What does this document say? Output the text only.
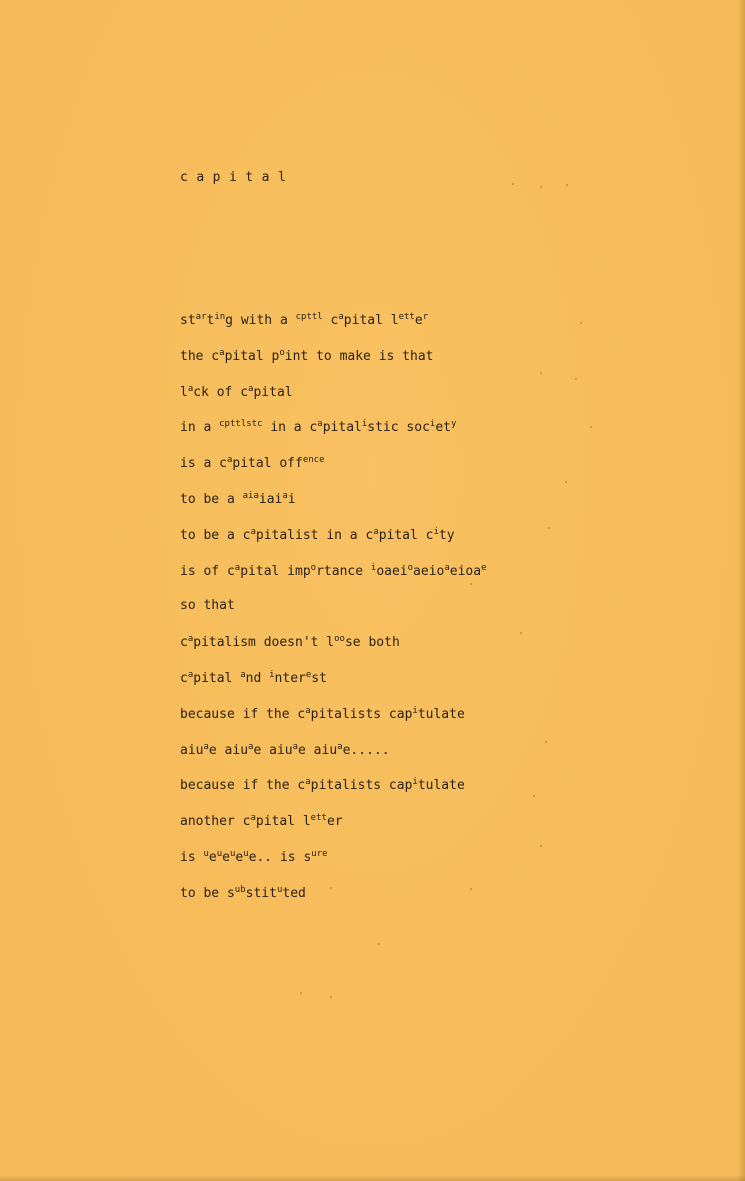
capital
$st^{ar}t^{in}g$ with a $^{cpttl}$ $c^apital$ $l^{ett}e^r$
the $c^apital$ $p^oint$ to make is that
$l^ack$ of $c^apital$
in a $^{cpttlstc}$ in a $c^apital^istic$ $soc^iet^y$
is a $c^apital$ off$^{ence}$
to be a $^{aia}$iai$^a$i
to be a $c^apitalist$ in a $c^apital$ $c^ity$
is of $c^apital$ imp$^o$rtance $^i$oaei$^o$aeio$^a$eioa$^e$
so that
$c^apitalism$ doesn't $l^{oo}se$ both
$c^apital$ $^a$nd $^i$nter$^e$st
because if the $c^apitalists$ cap$^i$tulate
aiu$^a$e aiu$^a$e aiu$^a$e aiu$^a$e.....
because if the $c^apitalists$ cap$^i$tulate
another $c^apital$ $l^{ett}er$
is $^ue^ue^ue^ue$.. is $s^{ure}$
to be $s^{ub}stit^uted$
